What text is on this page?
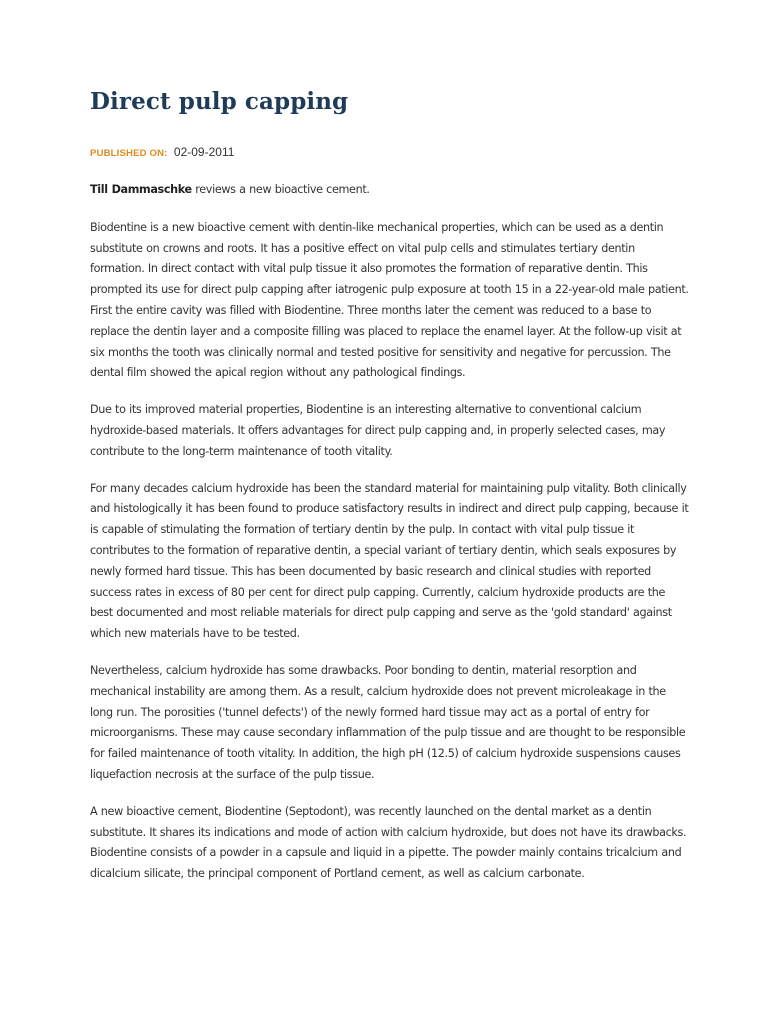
Direct pulp capping
PUBLISHED ON: 02-09-2011

Till Dammaschke reviews a new bioactive cement.

Biodentine is a new bioactive cement with dentin-like mechanical properties, which can be used as a dentin substitute on crowns and roots. It has a positive effect on vital pulp cells and stimulates tertiary dentin formation. In direct contact with vital pulp tissue it also promotes the formation of reparative dentin. This prompted its use for direct pulp capping after iatrogenic pulp exposure at tooth 15 in a 22-year-old male patient. First the entire cavity was filled with Biodentine. Three months later the cement was reduced to a base to replace the dentin layer and a composite filling was placed to replace the enamel layer. At the follow-up visit at six months the tooth was clinically normal and tested positive for sensitivity and negative for percussion. The dental film showed the apical region without any pathological findings.

Due to its improved material properties, Biodentine is an interesting alternative to conventional calcium hydroxide-based materials. It offers advantages for direct pulp capping and, in properly selected cases, may contribute to the long-term maintenance of tooth vitality.

For many decades calcium hydroxide has been the standard material for maintaining pulp vitality. Both clinically and histologically it has been found to produce satisfactory results in indirect and direct pulp capping, because it is capable of stimulating the formation of tertiary dentin by the pulp. In contact with vital pulp tissue it contributes to the formation of reparative dentin, a special variant of tertiary dentin, which seals exposures by newly formed hard tissue. This has been documented by basic research and clinical studies with reported success rates in excess of 80 per cent for direct pulp capping. Currently, calcium hydroxide products are the best documented and most reliable materials for direct pulp capping and serve as the 'gold standard' against which new materials have to be tested.

Nevertheless, calcium hydroxide has some drawbacks. Poor bonding to dentin, material resorption and mechanical instability are among them. As a result, calcium hydroxide does not prevent microleakage in the long run. The porosities ('tunnel defects') of the newly formed hard tissue may act as a portal of entry for microorganisms. These may cause secondary inflammation of the pulp tissue and are thought to be responsible for failed maintenance of tooth vitality. In addition, the high pH (12.5) of calcium hydroxide suspensions causes liquefaction necrosis at the surface of the pulp tissue.

A new bioactive cement, Biodentine (Septodont), was recently launched on the dental market as a dentin substitute. It shares its indications and mode of action with calcium hydroxide, but does not have its drawbacks. Biodentine consists of a powder in a capsule and liquid in a pipette. The powder mainly contains tricalcium and dicalcium silicate, the principal component of Portland cement, as well as calcium carbonate.
